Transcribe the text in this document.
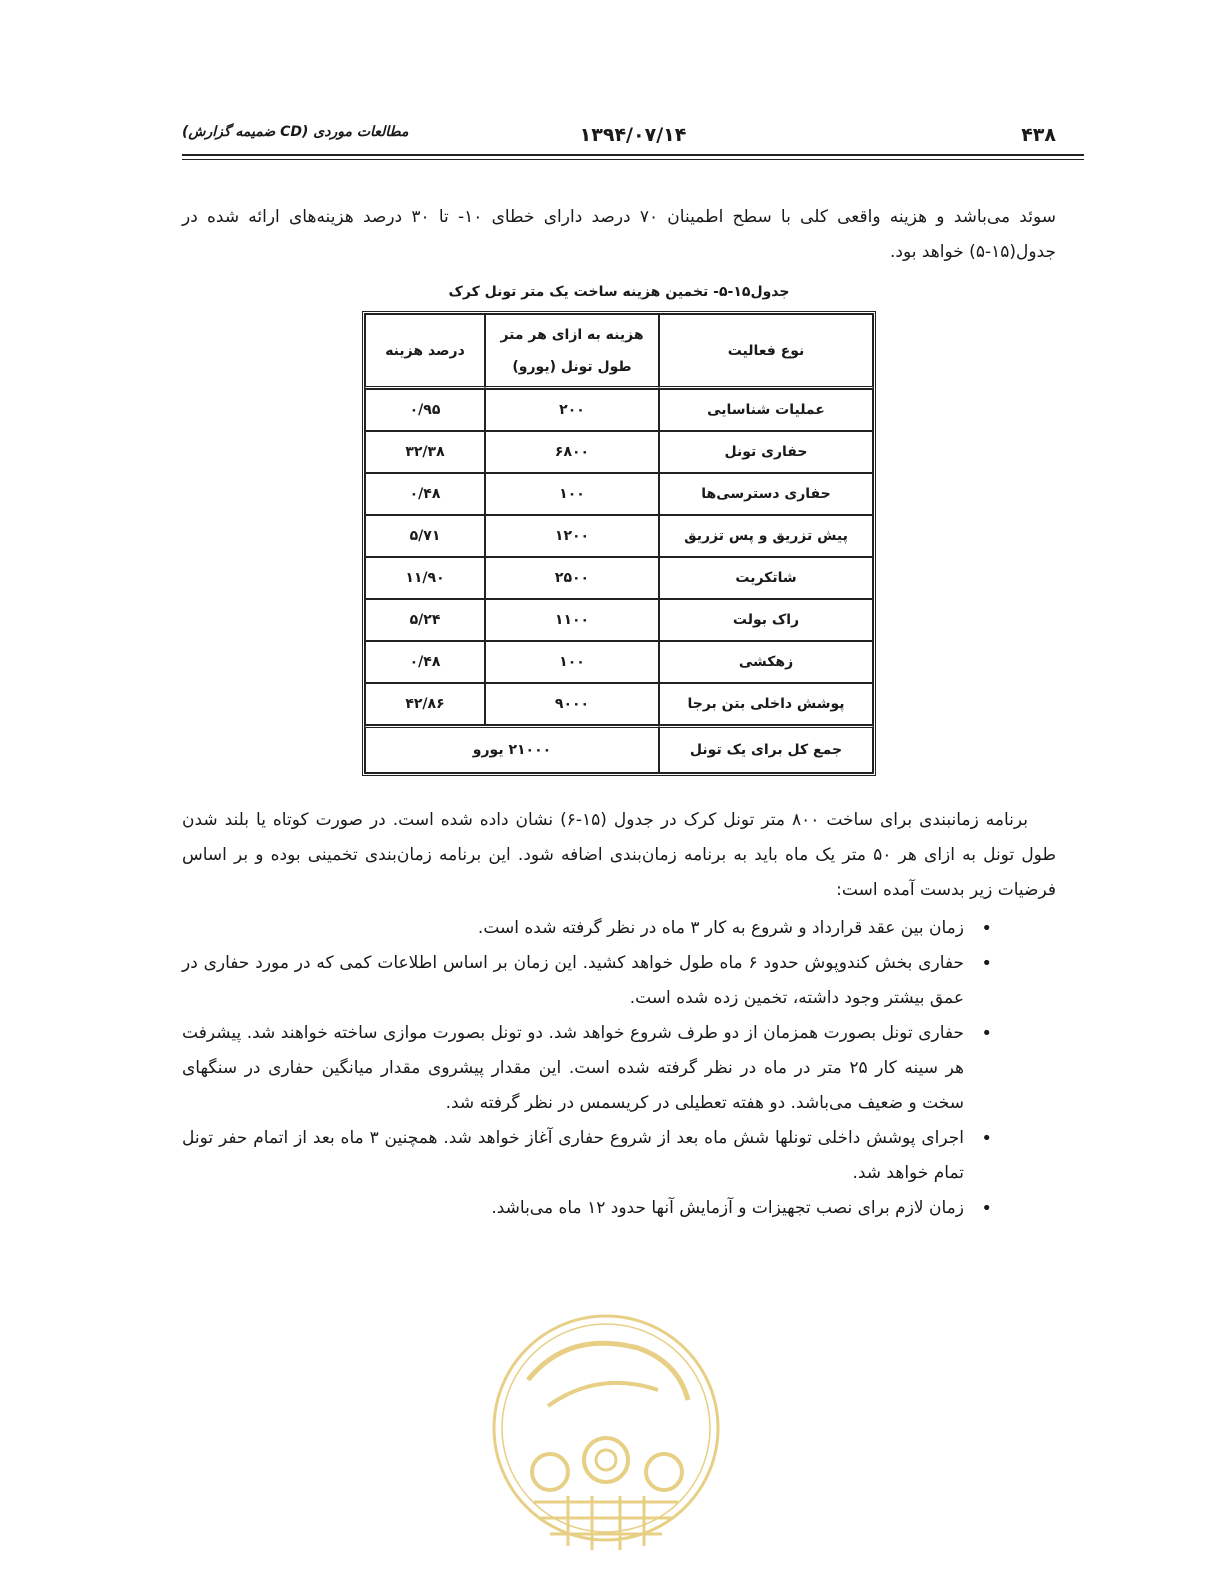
۴۳۸
۱۳۹۴/۰۷/۱۴
مطالعات موردی (CD ضمیمه گزارش)

سوئد می‌باشد و هزینه واقعی کلی با سطح اطمینان ۷۰ درصد دارای خطای ۱۰- تا ۳۰ درصد هزینه‌های ارائه شده در جدول(۱۵-۵) خواهد بود.

جدول۱۵-۵- تخمین هزینه ساخت یک متر تونل کرک
نوع فعالیت	هزینه به ازای هر متر طول تونل (یورو)	درصد هزینه
عملیات شناسایی	۲۰۰	۰/۹۵
حفاری تونل	۶۸۰۰	۳۲/۳۸
حفاری دسترسی‌ها	۱۰۰	۰/۴۸
پیش تزریق و پس تزریق	۱۲۰۰	۵/۷۱
شاتکریت	۲۵۰۰	۱۱/۹۰
راک بولت	۱۱۰۰	۵/۲۴
زهکشی	۱۰۰	۰/۴۸
پوشش داخلی بتن برجا	۹۰۰۰	۴۲/۸۶
جمع کل برای یک تونل	۲۱۰۰۰ یورو	

برنامه زمانبندی برای ساخت ۸۰۰ متر تونل کرک در جدول (۱۵-۶) نشان داده شده است. در صورت کوتاه یا بلند شدن طول تونل به ازای هر ۵۰ متر یک ماه باید به برنامه زمان‌بندی اضافه شود. این برنامه زمان‌بندی تخمینی بوده و بر اساس فرضیات زیر بدست آمده است:

• زمان بین عقد قرارداد و شروع به کار ۳ ماه در نظر گرفته شده است.
• حفاری بخش کندوپوش حدود ۶ ماه طول خواهد کشید. این زمان بر اساس اطلاعات کمی که در مورد حفاری در عمق بیشتر وجود داشته، تخمین زده شده است.
• حفاری تونل بصورت همزمان از دو طرف شروع خواهد شد. دو تونل بصورت موازی ساخته خواهند شد. پیشرفت هر سینه کار ۲۵ متر در ماه در نظر گرفته شده است. این مقدار پیشروی مقدار میانگین حفاری در سنگهای سخت و ضعیف می‌باشد. دو هفته تعطیلی در کریسمس در نظر گرفته شد.
• اجرای پوشش داخلی تونلها شش ماه بعد از شروع حفاری آغاز خواهد شد. همچنین ۳ ماه بعد از اتمام حفر تونل تمام خواهد شد.
• زمان لازم برای نصب تجهیزات و آزمایش آنها حدود ۱۲ ماه می‌باشد.
